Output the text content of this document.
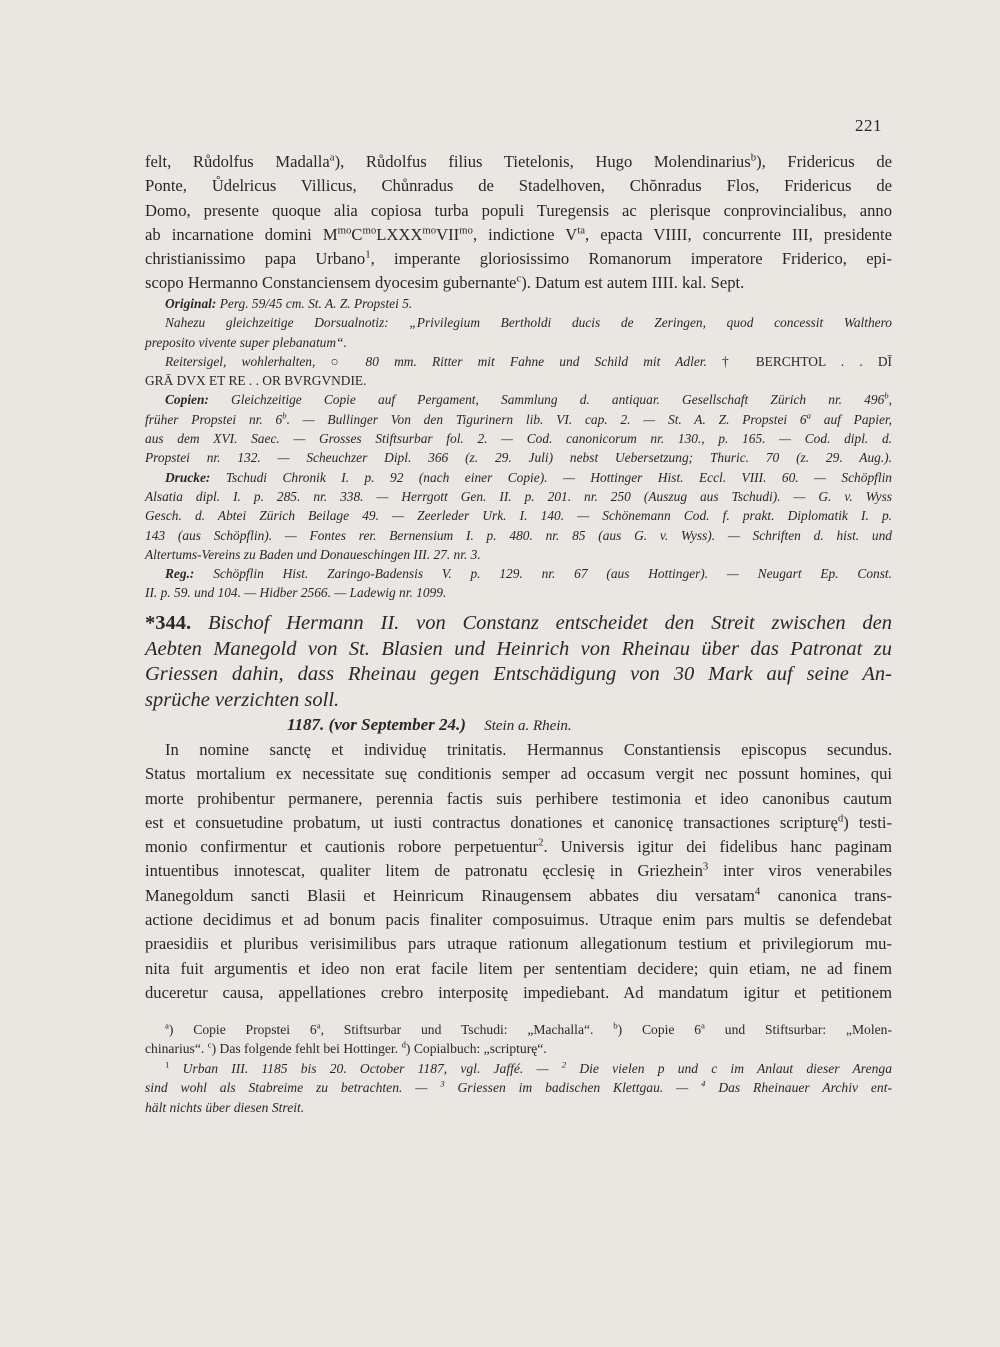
221
felt, Růdolfus Madalla$^a$), Růdolfus filius Tietelonis, Hugo Molendinarius$^b$), Fridericus de
Ponte, Ůdelricus Villicus, Chůnradus de Stadelhoven, Chŏnradus Flos, Fridericus de
Domo, presente quoque alia copiosa turba populi Turegensis ac plerisque conprovincialibus, anno
ab incarnatione domini $M^{mo}C^{mo}LXXX^{mo}VII^{mo}$, indictione $V^{ta}$, epacta VIIII, concurrente III, presidente
christianissimo papa Urbano$^1$, imperante gloriosissimo Romanorum imperatore Friderico, epi-
scopo Hermanno Constanciensem dyocesim gubernante$^c$). Datum est autem IIII. kal. Sept.
Original: Perg. 59/45 cm. St. A. Z. Propstei 5.
Nahezu gleichzeitige Dorsualnotiz: „Privilegium Bertholdi ducis de Zeringen, quod concessit Walthero
preposito vivente super plebanatum“.
Reitersigel, wohlerhalten, ○ 80 mm. Ritter mit Fahne und Schild mit Adler. † BERCHTOL . . DĪ
GRĀ DVX ET RE . . OR BVRGVNDIE.
Copien: Gleichzeitige Copie auf Pergament, Sammlung d. antiquar. Gesellschaft Zürich nr. 496$^b$,
früher Propstei nr. 6$^b$. — Bullinger Von den Tigurinern lib. VI. cap. 2. — St. A. Z. Propstei 6$^a$ auf Papier,
aus dem XVI. Saec. — Grosses Stiftsurbar fol. 2. — Cod. canonicorum nr. 130., p. 165. — Cod. dipl. d.
Propstei nr. 132. — Scheuchzer Dipl. 366 (z. 29. Juli) nebst Uebersetzung; Thuric. 70 (z. 29. Aug.).
Drucke: Tschudi Chronik I. p. 92 (nach einer Copie). — Hottinger Hist. Eccl. VIII. 60. — Schöpflin
Alsatia dipl. I. p. 285. nr. 338. — Herrgott Gen. II. p. 201. nr. 250 (Auszug aus Tschudi). — G. v. Wyss
Gesch. d. Abtei Zürich Beilage 49. — Zeerleder Urk. I. 140. — Schönemann Cod. f. prakt. Diplomatik I. p.
143 (aus Schöpflin). — Fontes rer. Bernensium I. p. 480. nr. 85 (aus G. v. Wyss). — Schriften d. hist. und
Altertums-Vereins zu Baden und Donaueschingen III. 27. nr. 3.
Reg.: Schöpflin Hist. Zaringo-Badensis V. p. 129. nr. 67 (aus Hottinger). — Neugart Ep. Const.
II. p. 59. und 104. — Hidber 2566. — Ladewig nr. 1099.
*344. Bischof Hermann II. von Constanz entscheidet den Streit zwischen den
Aebten Manegold von St. Blasien und Heinrich von Rheinau über das Patronat zu
Griessen dahin, dass Rheinau gegen Entschädigung von 30 Mark auf seine An-
sprüche verzichten soll.
1187. (vor September 24.) Stein a. Rhein.
In nomine sanctę et individuę trinitatis. Hermannus Constantiensis episcopus secundus.
Status mortalium ex necessitate suę conditionis semper ad occasum vergit nec possunt homines, qui
morte prohibentur permanere, perennia factis suis perhibere testimonia et ideo canonibus cautum
est et consuetudine probatum, ut iusti contractus donationes et canonicę transactiones scripturę$^d$) testi-
monio confirmentur et cautionis robore perpetuentur$^2$. Universis igitur dei fidelibus hanc paginam
intuentibus innotescat, qualiter litem de patronatu ęcclesię in Griezhein$^3$ inter viros venerabiles
Manegoldum sancti Blasii et Heinricum Rinaugensem abbates diu versatam$^4$ canonica trans-
actione decidimus et ad bonum pacis finaliter composuimus. Utraque enim pars multis se defendebat
praesidiis et pluribus verisimilibus pars utraque rationum allegationum testium et privilegiorum mu-
nita fuit argumentis et ideo non erat facile litem per sententiam decidere; quin etiam, ne ad finem
duceretur causa, appellationes crebro interpositę impediebant. Ad mandatum igitur et petitionem
$^a$) Copie Propstei 6$^a$, Stiftsurbar und Tschudi: „Machalla“. $^b$) Copie 6$^a$ und Stiftsurbar: „Molen-
chinarius“. $^c$) Das folgende fehlt bei Hottinger. $^d$) Copialbuch: „scripturę“.
$^1$ Urban III. 1185 bis 20. October 1187, vgl. Jaffé. — $^2$ Die vielen p und c im Anlaut dieser Arenga
sind wohl als Stabreime zu betrachten. — $^3$ Griessen im badischen Klettgau. — $^4$ Das Rheinauer Archiv ent-
hält nichts über diesen Streit.
